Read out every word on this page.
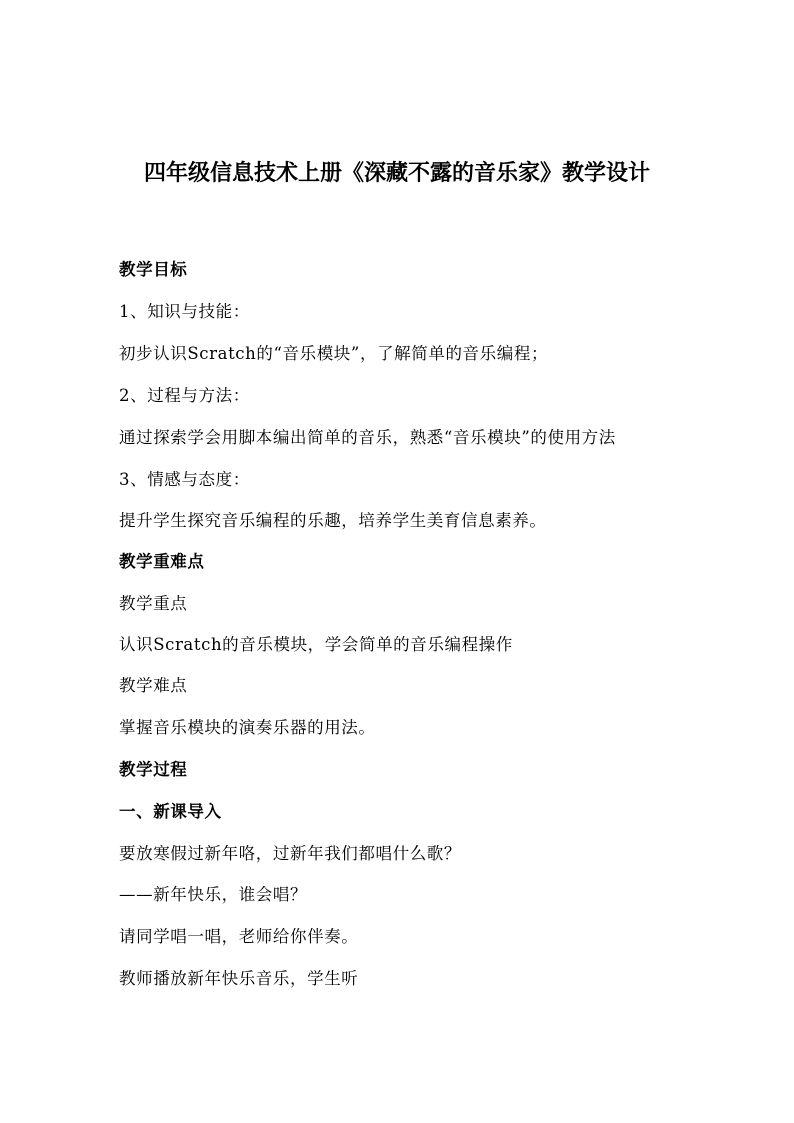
四年级信息技术上册《深藏不露的音乐家》教学设计
教学目标
1、知识与技能：
初步认识Scratch的“音乐模块”，了解简单的音乐编程；
2、过程与方法：
通过探索学会用脚本编出简单的音乐，熟悉“音乐模块”的使用方法
3、情感与态度：
提升学生探究音乐编程的乐趣，培养学生美育信息素养。
教学重难点
教学重点
认识Scratch的音乐模块，学会简单的音乐编程操作
教学难点
掌握音乐模块的演奏乐器的用法。
教学过程
一、新课导入
要放寒假过新年咯，过新年我们都唱什么歌？
——新年快乐，谁会唱？
请同学唱一唱，老师给你伴奏。
教师播放新年快乐音乐，学生听
